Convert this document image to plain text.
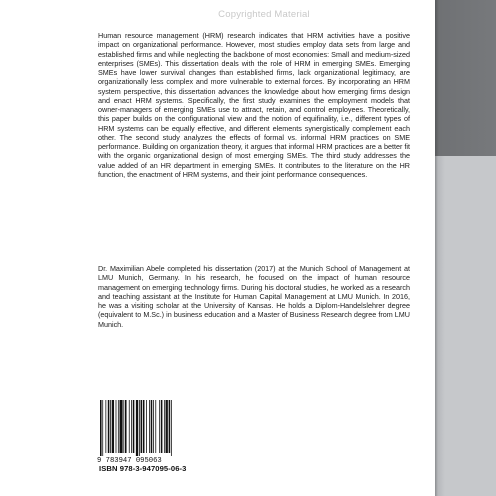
Copyrighted Material

Human resource management (HRM) research indicates that HRM activities have a positive impact on organizational performance. However, most studies employ data sets from large and established firms and while neglecting the backbone of most economies: Small and medium-sized enterprises (SMEs). This dissertation deals with the role of HRM in emerging SMEs. Emerging SMEs have lower survival changes than established firms, lack organizational legitimacy, are organizationally less complex and more vulnerable to external forces. By incorporating an HRM system perspective, this dissertation advances the knowledge about how emerging firms design and enact HRM systems. Specifically, the first study examines the employment models that owner-managers of emerging SMEs use to attract, retain, and control employees. Theoretically, this paper builds on the configurational view and the notion of equifinality, i.e., different types of HRM systems can be equally effective, and different elements synergistically complement each other. The second study analyzes the effects of formal vs. informal HRM practices on SME performance. Building on organization theory, it argues that informal HRM practices are a better fit with the organic organizational design of most emerging SMEs. The third study addresses the value added of an HR department in emerging SMEs. It contributes to the literature on the HR function, the enactment of HRM systems, and their joint performance consequences.

Dr. Maximilian Abele completed his dissertation (2017) at the Munich School of Management at LMU Munich, Germany. In his research, he focused on the impact of human resource management on emerging technology firms. During his doctoral studies, he worked as a research and teaching assistant at the Institute for Human Capital Management at LMU Munich. In 2016, he was a visiting scholar at the University of Kansas. He holds a Diplom-Handelslehrer degree (equivalent to M.Sc.) in business education and a Master of Business Research degree from LMU Munich.

9 783947 095063
ISBN 978-3-947095-06-3
